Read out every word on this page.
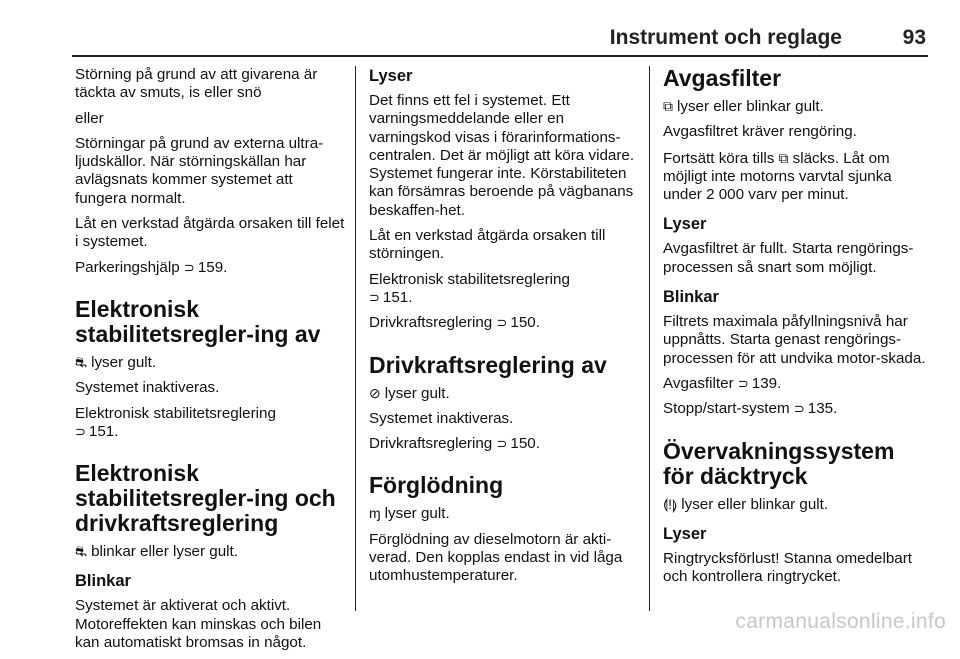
Instrument och reglage	93

Störning på grund av att givarena är täckta av smuts, is eller snö

eller

Störningar på grund av externa ultra-ljudskällor. När störningskällan har avlägsnats kommer systemet att fungera normalt.

Låt en verkstad åtgärda orsaken till felet i systemet.

Parkeringshjälp ⊃ 159.

Elektronisk stabilitetsregler-ing av

⛐ lyser gult.

Systemet inaktiveras.

Elektronisk stabilitetsreglering
⊃ 151.

Elektronisk stabilitetsregler-ing och drivkraftsreglering

⛐ blinkar eller lyser gult.

Blinkar

Systemet är aktiverat och aktivt. Motoreffekten kan minskas och bilen kan automatiskt bromsas in något.

Lyser

Det finns ett fel i systemet. Ett varningsmeddelande eller en varningskod visas i förarinformations-centralen. Det är möjligt att köra vidare. Systemet fungerar inte. Körstabiliteten kan försämras beroende på vägbanans beskaffen-het.

Låt en verkstad åtgärda orsaken till störningen.

Elektronisk stabilitetsreglering
⊃ 151.

Drivkraftsreglering ⊃ 150.

Drivkraftsreglering av

⊘ lyser gult.

Systemet inaktiveras.

Drivkraftsreglering ⊃ 150.

Förglödning

ɱ lyser gult.

Förglödning av dieselmotorn är akti-verad. Den kopplas endast in vid låga utomhustemperaturer.

Avgasfilter

⧉ lyser eller blinkar gult.

Avgasfiltret kräver rengöring.

Fortsätt köra tills ⧉ släcks. Låt om möjligt inte motorns varvtal sjunka under 2 000 varv per minut.

Lyser

Avgasfiltret är fullt. Starta rengörings-processen så snart som möjligt.

Blinkar

Filtrets maximala påfyllningsnivå har uppnåtts. Starta genast rengörings-processen för att undvika motor-skada.

Avgasfilter ⊃ 139.

Stopp/start-system ⊃ 135.

Övervakningssystem för däcktryck

⟬!⟭ lyser eller blinkar gult.

Lyser

Ringtrycksförlust! Stanna omedelbart och kontrollera ringtrycket.

carmanualsonline.info
